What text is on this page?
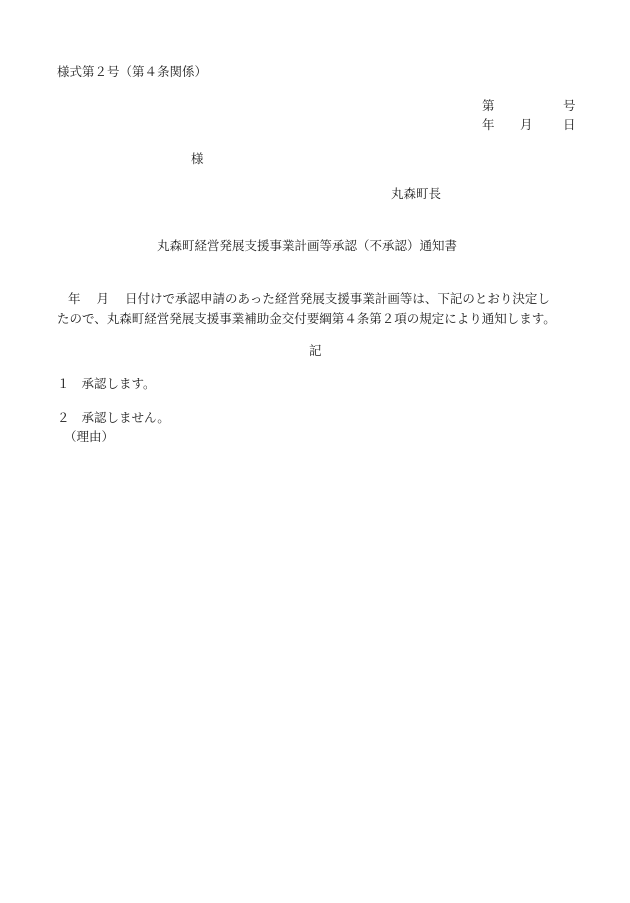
様式第２号（第４条関係）
第	号
年 月 日
様
丸森町長
丸森町経営発展支援事業計画等承認（不承認）通知書
年 月 日付けで承認申請のあった経営発展支援事業計画等は、下記のとおり決定し
たので、丸森町経営発展支援事業補助金交付要綱第４条第２項の規定により通知します。
記
１ 承認します。
２ 承認しません。
（理由）
